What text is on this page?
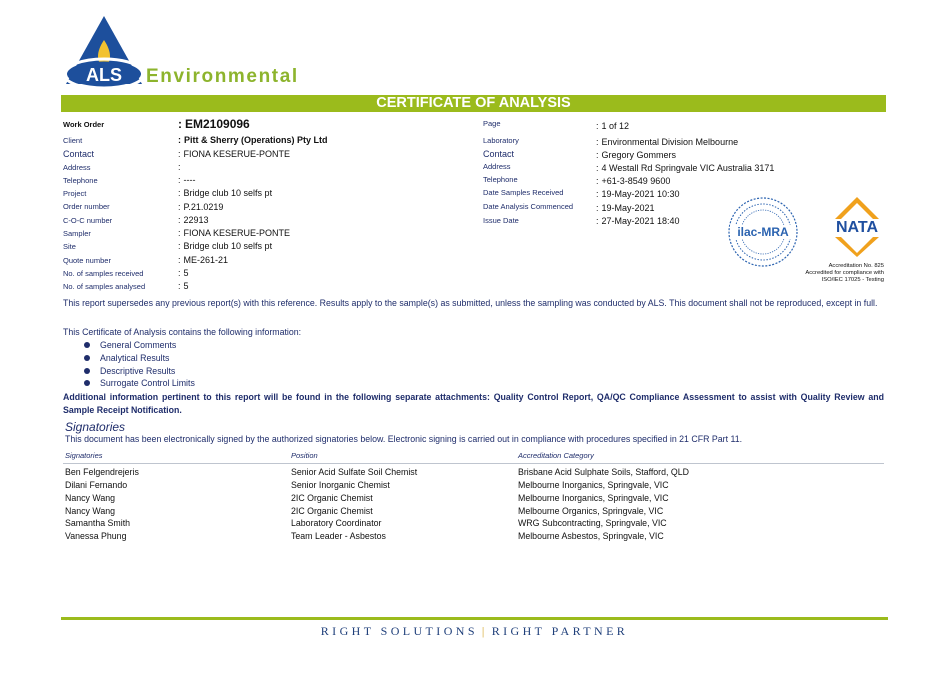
ALS Environmental
CERTIFICATE OF ANALYSIS
Work Order	: EM2109096
Client	: Pitt & Sherry (Operations) Pty Ltd
Contact	: FIONA KESERUE-PONTE
Address	:
Telephone	: ----
Project	: Bridge club 10 selfs pt
Order number	: P.21.0219
C-O-C number	: 22913
Sampler	: FIONA KESERUE-PONTE
Site	: Bridge club 10 selfs pt
Quote number	: ME-261-21
No. of samples received	: 5
No. of samples analysed	: 5
Page	: 1 of 12
Laboratory	: Environmental Division Melbourne
Contact	: Gregory Gommers
Address	: 4 Westall Rd Springvale VIC Australia 3171
Telephone	: +61-3-8549 9600
Date Samples Received	: 19-May-2021 10:30
Date Analysis Commenced	: 19-May-2021
Issue Date	: 27-May-2021 18:40
ilac-MRA	NATA
Accreditation No. 825
Accredited for compliance with
ISO/IEC 17025 - Testing
This report supersedes any previous report(s) with this reference. Results apply to the sample(s) as submitted, unless the sampling was conducted by ALS. This document shall not be reproduced, except in full.
This Certificate of Analysis contains the following information:
General Comments
Analytical Results
Descriptive Results
Surrogate Control Limits
Additional information pertinent to this report will be found in the following separate attachments: Quality Control Report, QA/QC Compliance Assessment to assist with Quality Review and Sample Receipt Notification.
Signatories
This document has been electronically signed by the authorized signatories below. Electronic signing is carried out in compliance with procedures specified in 21 CFR Part 11.
Signatories	Position	Accreditation Category
Ben Felgendrejeris	Senior Acid Sulfate Soil Chemist	Brisbane Acid Sulphate Soils, Stafford, QLD
Dilani Fernando	Senior Inorganic Chemist	Melbourne Inorganics, Springvale, VIC
Nancy Wang	2IC Organic Chemist	Melbourne Inorganics, Springvale, VIC
Nancy Wang	2IC Organic Chemist	Melbourne Organics, Springvale, VIC
Samantha Smith	Laboratory Coordinator	WRG Subcontracting, Springvale, VIC
Vanessa Phung	Team Leader - Asbestos	Melbourne Asbestos, Springvale, VIC
RIGHT SOLUTIONS | RIGHT PARTNER
